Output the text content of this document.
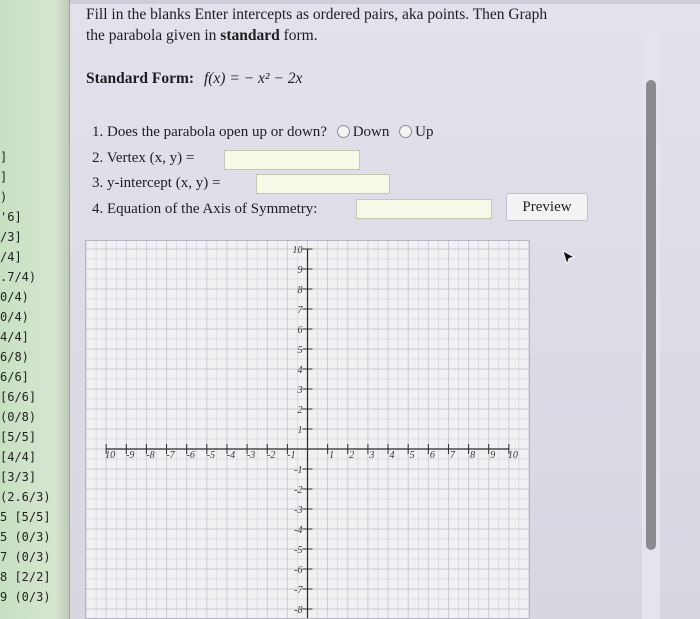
]
]
)
'6]
/3]
/4]
.7/4)
0/4)
0/4)
4/4]
6/8)
6/6]
[6/6]
(0/8)
[5/5]
[4/4]
[3/3]
(2.6/3)
5 [5/5]
5 (0/3)
7 (0/3)
8 [2/2]
9 (0/3)
Fill in the blanks Enter intercepts as ordered pairs, aka points. Then Graph
the parabola given in standard form.
Standard Form: f(x) = − x² − 2x
1. Does the parabola open up or down? Down Up
2. Vertex (x, y) =
3. y-intercept (x, y) =
4. Equation of the Axis of Symmetry:	Preview
10 -9 -8 -7 -6 -5 -4 -3 -2 -1	1 2 3 4 5 6 7 8 9 10
10
9
8
7
6
5
4
3
2
1
-1
-2
-3
-4
-5
-6
-7
-8
